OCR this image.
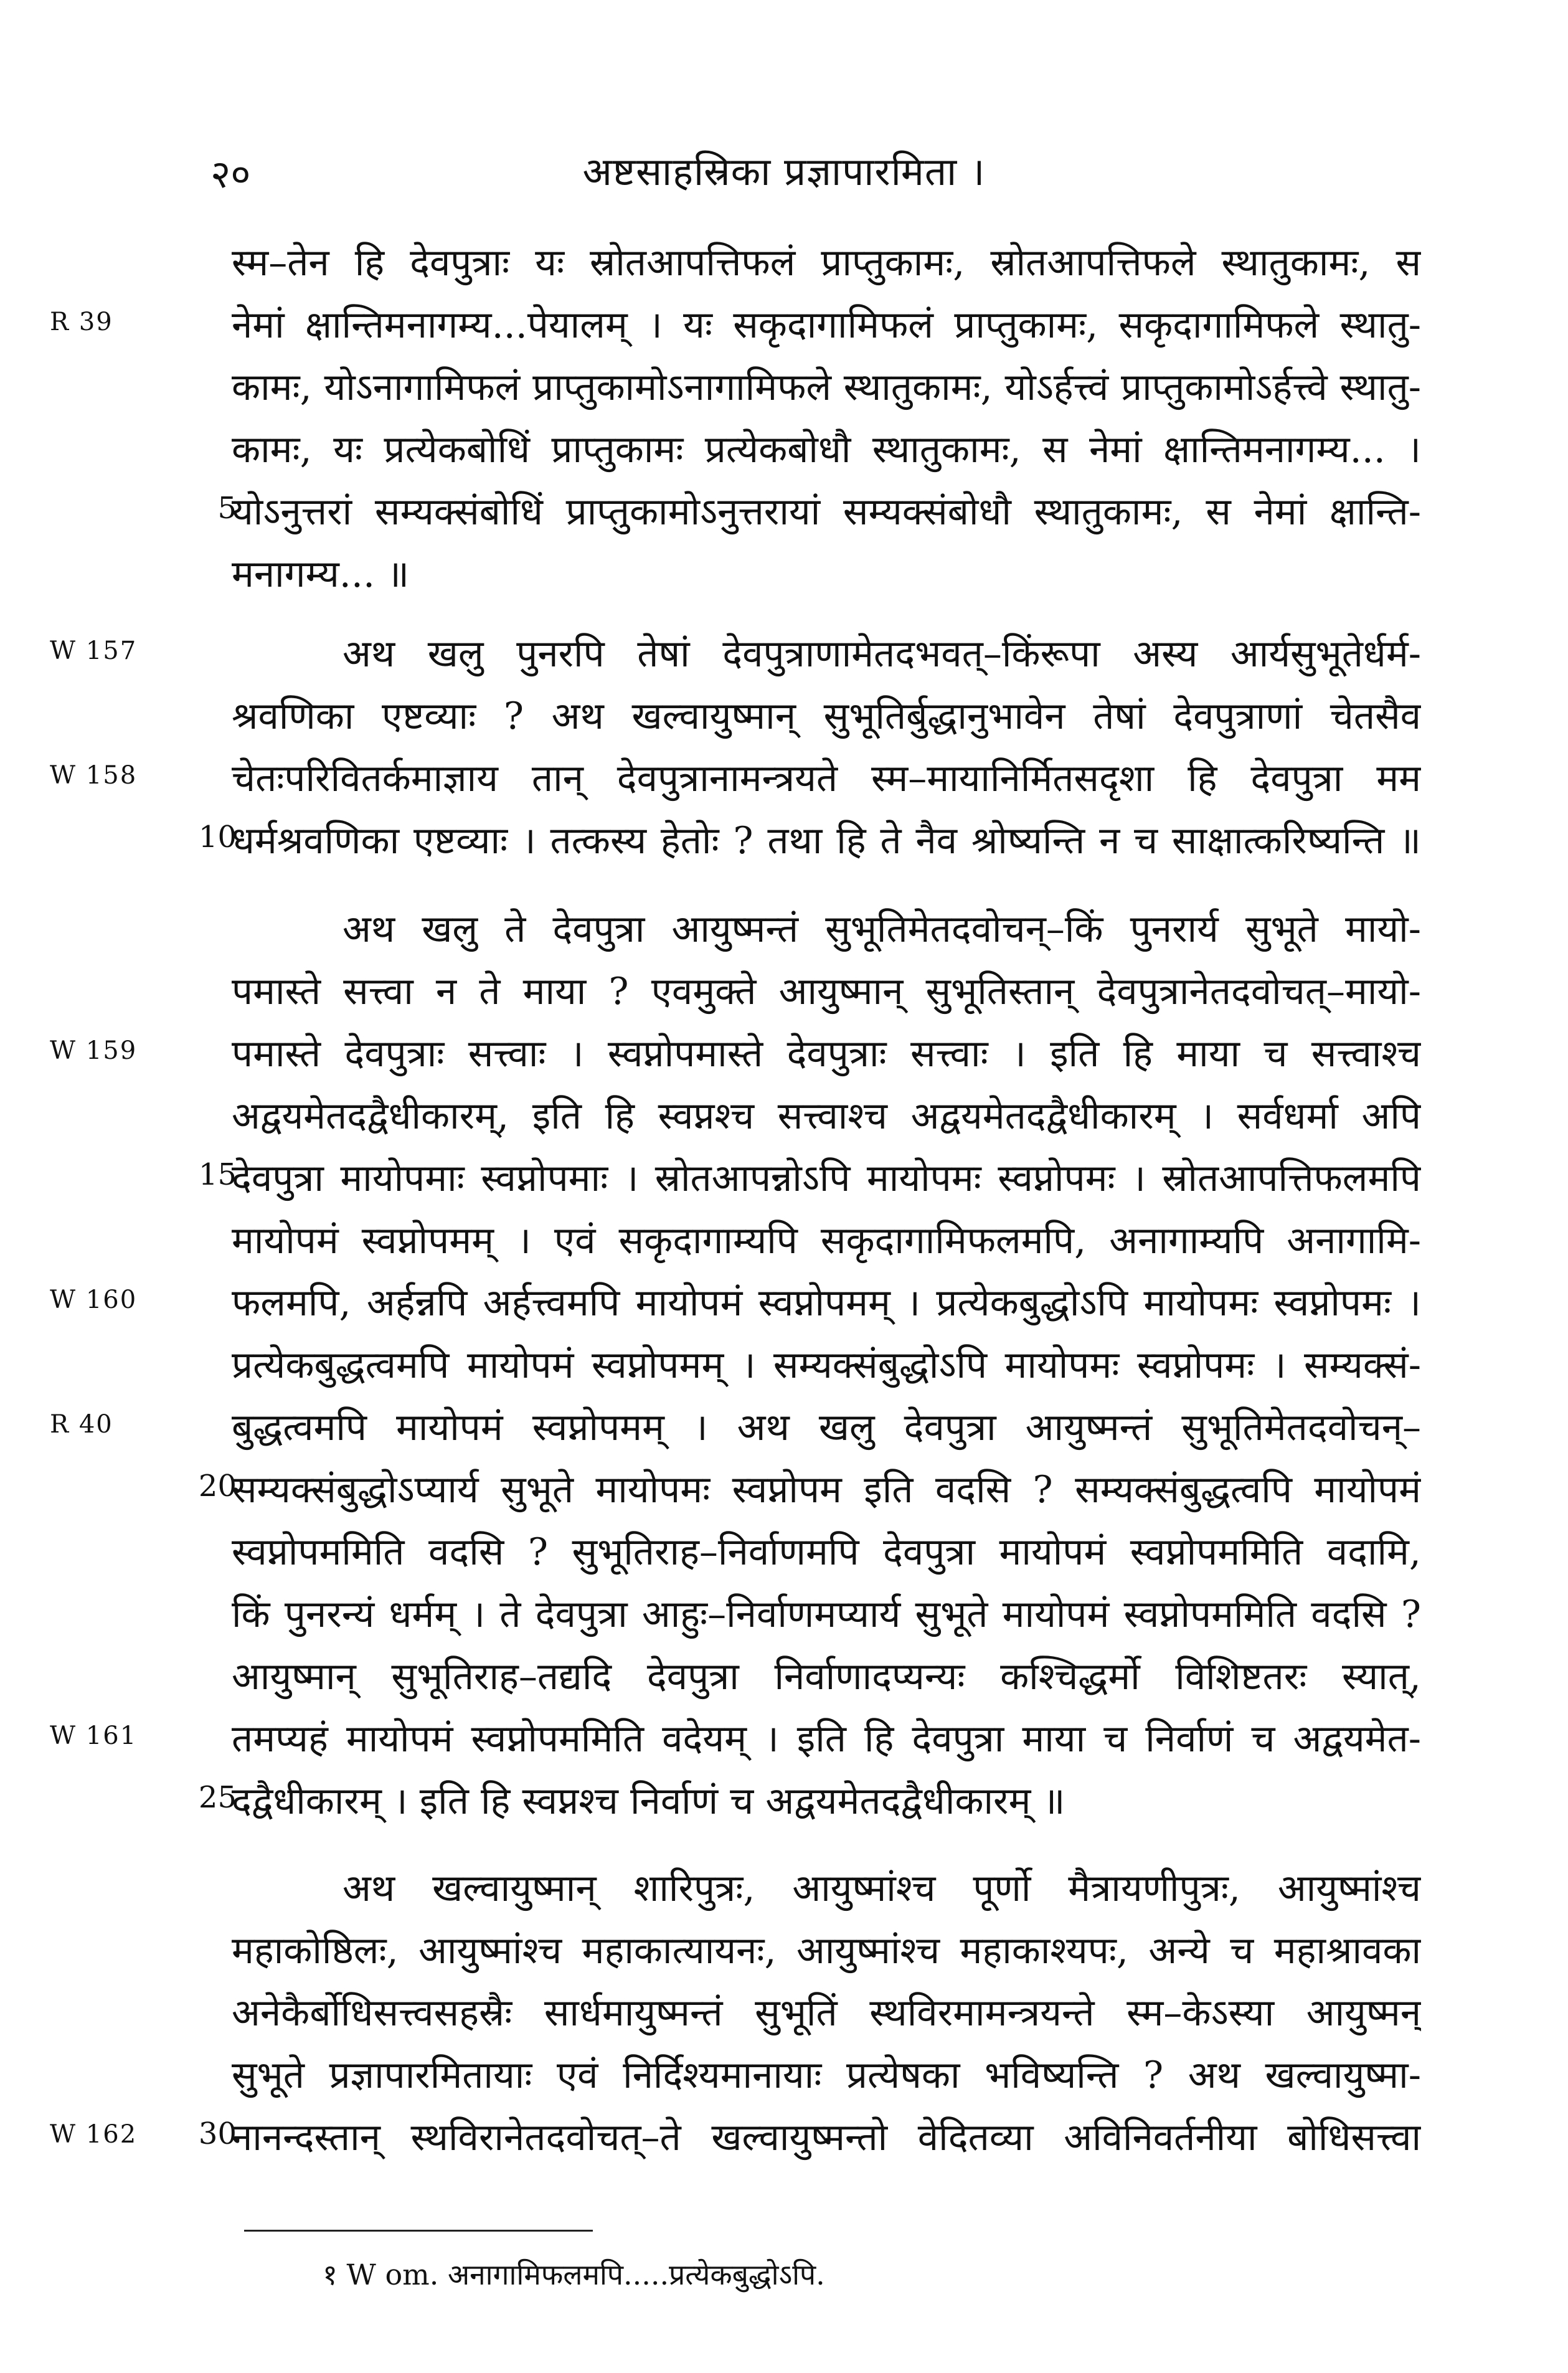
२०	अष्टसाहस्रिका प्रज्ञापारमिता ।
स्म–तेन हि देवपुत्राः यः स्रोतआपत्तिफलं प्राप्तुकामः, स्रोतआपत्तिफले स्थातुकामः, स
R 39	नेमां क्षान्तिमनागम्य...पेयालम् । यः सकृदागामिफलं प्राप्तुकामः, सकृदागामिफले स्थातु-
कामः, योऽनागामिफलं प्राप्तुकामोऽनागामिफले स्थातुकामः, योऽर्हत्त्वं प्राप्तुकामोऽर्हत्त्वे स्थातु-
कामः, यः प्रत्येकबोधिं प्राप्तुकामः प्रत्येकबोधौ स्थातुकामः, स नेमां क्षान्तिमनागम्य... ।
5
योऽनुत्तरां सम्यक्संबोधिं प्राप्तुकामोऽनुत्तरायां सम्यक्संबोधौ स्थातुकामः, स नेमां क्षान्ति-
मनागम्य... ॥
W 157	अथ खलु पुनरपि तेषां देवपुत्राणामेतदभवत्–किंरूपा अस्य आर्यसुभूतेर्धर्म-
श्रवणिका एष्टव्याः ? अथ खल्वायुष्मान् सुभूतिर्बुद्धानुभावेन तेषां देवपुत्राणां चेतसैव
W 158	चेतःपरिवितर्कमाज्ञाय तान् देवपुत्रानामन्त्रयते स्म–मायानिर्मितसदृशा हि देवपुत्रा मम
10
धर्मश्रवणिका एष्टव्याः । तत्कस्य हेतोः ? तथा हि ते नैव श्रोष्यन्ति न च साक्षात्करिष्यन्ति ॥
अथ खलु ते देवपुत्रा आयुष्मन्तं सुभूतिमेतदवोचन्–किं पुनरार्य सुभूते मायो-
पमास्ते सत्त्वा न ते माया ? एवमुक्ते आयुष्मान् सुभूतिस्तान् देवपुत्रानेतदवोचत्–मायो-
W 159	पमास्ते देवपुत्राः सत्त्वाः । स्वप्नोपमास्ते देवपुत्राः सत्त्वाः । इति हि माया च सत्त्वाश्च
अद्वयमेतदद्वैधीकारम्, इति हि स्वप्नश्च सत्त्वाश्च अद्वयमेतदद्वैधीकारम् । सर्वधर्मा अपि
15
देवपुत्रा मायोपमाः स्वप्नोपमाः । स्रोतआपन्नोऽपि मायोपमः स्वप्नोपमः । स्रोतआपत्तिफलमपि
मायोपमं स्वप्नोपमम् । एवं सकृदागाम्यपि सकृदागामिफलमपि, अनागाम्यपि अनागामि-
W 160	फलमपि, अर्हन्नपि अर्हत्त्वमपि मायोपमं स्वप्नोपमम् । प्रत्येकबुद्धोऽपि मायोपमः स्वप्नोपमः ।
प्रत्येकबुद्धत्वमपि मायोपमं स्वप्नोपमम् । सम्यक्संबुद्धोऽपि मायोपमः स्वप्नोपमः । सम्यक्सं-
R 40	बुद्धत्वमपि मायोपमं स्वप्नोपमम् । अथ खलु देवपुत्रा आयुष्मन्तं सुभूतिमेतदवोचन्–
20
सम्यक्संबुद्धोऽप्यार्य सुभूते मायोपमः स्वप्नोपम इति वदसि ? सम्यक्संबुद्धत्वपि मायोपमं
स्वप्नोपममिति वदसि ? सुभूतिराह–निर्वाणमपि देवपुत्रा मायोपमं स्वप्नोपममिति वदामि,
किं पुनरन्यं धर्मम् । ते देवपुत्रा आहुः–निर्वाणमप्यार्य सुभूते मायोपमं स्वप्नोपममिति वदसि ?
आयुष्मान् सुभूतिराह–तद्यदि देवपुत्रा निर्वाणादप्यन्यः कश्चिद्धर्मो विशिष्टतरः स्यात्,
W 161	तमप्यहं मायोपमं स्वप्नोपममिति वदेयम् । इति हि देवपुत्रा माया च निर्वाणं च अद्वयमेत-
25
दद्वैधीकारम् । इति हि स्वप्नश्च निर्वाणं च अद्वयमेतदद्वैधीकारम् ॥
अथ खल्वायुष्मान् शारिपुत्रः, आयुष्मांश्च पूर्णो मैत्रायणीपुत्रः, आयुष्मांश्च
महाकोष्ठिलः, आयुष्मांश्च महाकात्यायनः, आयुष्मांश्च महाकाश्यपः, अन्ये च महाश्रावका
अनेकैर्बोधिसत्त्वसहस्रैः सार्धमायुष्मन्तं सुभूतिं स्थविरमामन्त्रयन्ते स्म–केऽस्या आयुष्मन्
सुभूते प्रज्ञापारमितायाः एवं निर्दिश्यमानायाः प्रत्येषका भविष्यन्ति ? अथ खल्वायुष्मा-
30
W 162	नानन्दस्तान् स्थविरानेतदवोचत्–ते खल्वायुष्मन्तो वेदितव्या अविनिवर्तनीया बोधिसत्त्वा
१ W om. अनागामिफलमपि.....प्रत्येकबुद्धोऽपि.
